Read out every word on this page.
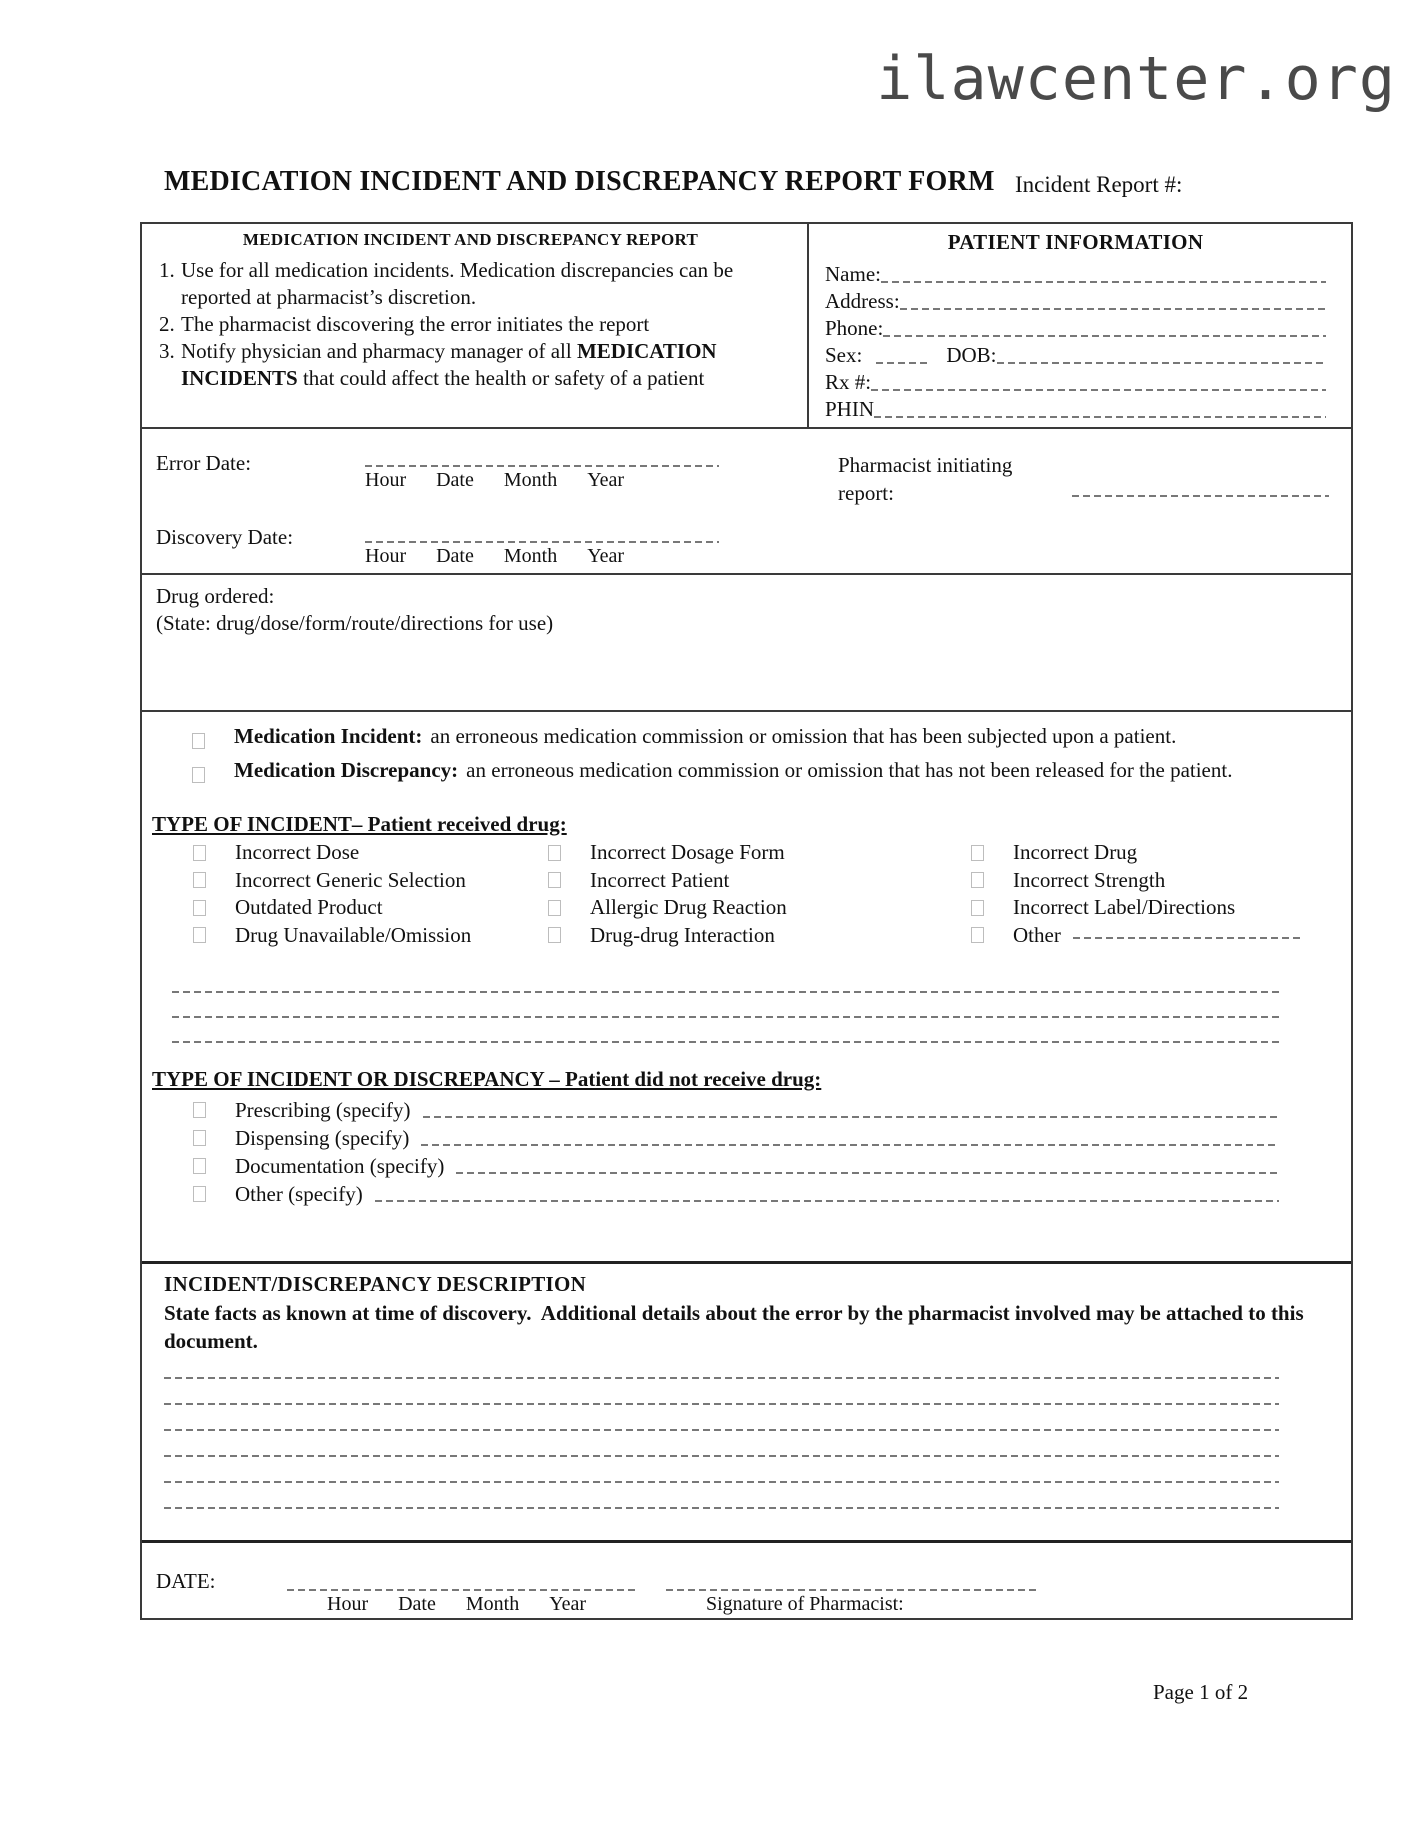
ilawcenter.org
MEDICATION INCIDENT AND DISCREPANCY REPORT FORM Incident Report #:
MEDICATION INCIDENT AND DISCREPANCY REPORT
1. Use for all medication incidents. Medication discrepancies can be reported at pharmacist’s discretion.
2. The pharmacist discovering the error initiates the report
3. Notify physician and pharmacy manager of all MEDICATION INCIDENTS that could affect the health or safety of a patient
PATIENT INFORMATION
Name:
Address:
Phone:
Sex:	DOB:
Rx #:
PHIN
Error Date:
Hour Date Month Year
Pharmacist initiating report:
Discovery Date:
Hour Date Month Year
Drug ordered:
(State: drug/dose/form/route/directions for use)
Medication Incident: an erroneous medication commission or omission that has been subjected upon a patient.
Medication Discrepancy: an erroneous medication commission or omission that has not been released for the patient.
TYPE OF INCIDENT– Patient received drug:
Incorrect Dose	Incorrect Dosage Form	Incorrect Drug
Incorrect Generic Selection	Incorrect Patient	Incorrect Strength
Outdated Product	Allergic Drug Reaction	Incorrect Label/Directions
Drug Unavailable/Omission	Drug-drug Interaction	Other
TYPE OF INCIDENT OR DISCREPANCY – Patient did not receive drug:
Prescribing (specify)
Dispensing (specify)
Documentation (specify)
Other (specify)
INCIDENT/DISCREPANCY DESCRIPTION
State facts as known at time of discovery.  Additional details about the error by the pharmacist involved may be attached to this document.
DATE:
Hour Date Month Year	Signature of Pharmacist:
Page 1 of 2
